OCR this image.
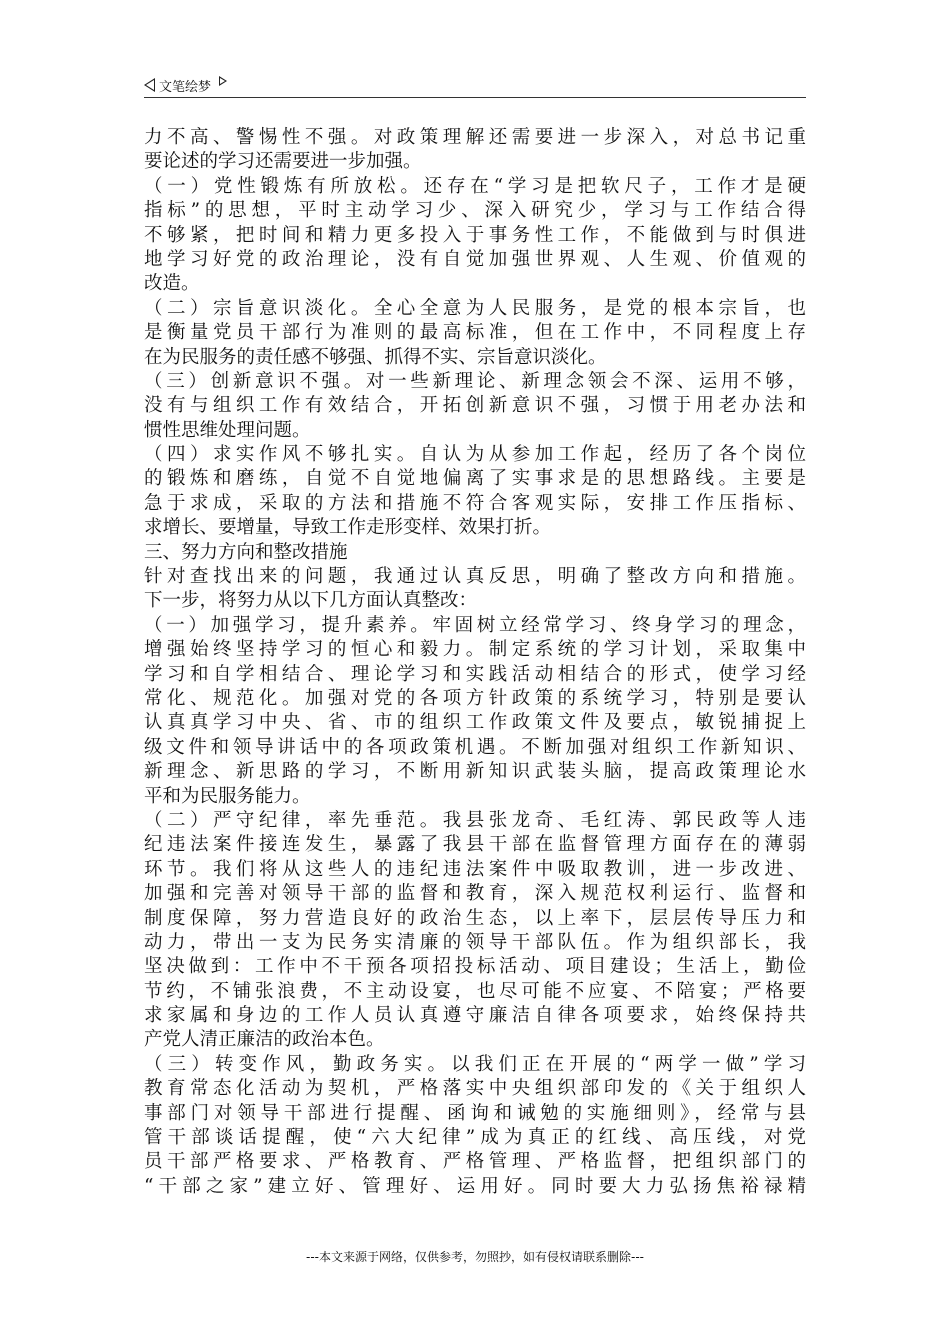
文笔绘梦
力不高、警惕性不强。对政策理解还需要进一步深入，对总书记重
要论述的学习还需要进一步加强。
（一）党性锻炼有所放松。还存在“学习是把软尺子，工作才是硬
指标”的思想，平时主动学习少、深入研究少，学习与工作结合得
不够紧，把时间和精力更多投入于事务性工作，不能做到与时俱进
地学习好党的政治理论，没有自觉加强世界观、人生观、价值观的
改造。
（二）宗旨意识淡化。全心全意为人民服务，是党的根本宗旨，也
是衡量党员干部行为准则的最高标准，但在工作中，不同程度上存
在为民服务的责任感不够强、抓得不实、宗旨意识淡化。
（三）创新意识不强。对一些新理论、新理念领会不深、运用不够，
没有与组织工作有效结合，开拓创新意识不强，习惯于用老办法和
惯性思维处理问题。
（四）求实作风不够扎实。自认为从参加工作起，经历了各个岗位
的锻炼和磨练，自觉不自觉地偏离了实事求是的思想路线。主要是
急于求成，采取的方法和措施不符合客观实际，安排工作压指标、
求增长、要增量，导致工作走形变样、效果打折。
三、努力方向和整改措施
针对查找出来的问题，我通过认真反思，明确了整改方向和措施。
下一步，将努力从以下几方面认真整改：
（一）加强学习，提升素养。牢固树立经常学习、终身学习的理念，
增强始终坚持学习的恒心和毅力。制定系统的学习计划，采取集中
学习和自学相结合、理论学习和实践活动相结合的形式，使学习经
常化、规范化。加强对党的各项方针政策的系统学习，特别是要认
认真真学习中央、省、市的组织工作政策文件及要点，敏锐捕捉上
级文件和领导讲话中的各项政策机遇。不断加强对组织工作新知识、
新理念、新思路的学习，不断用新知识武装头脑，提高政策理论水
平和为民服务能力。
（二）严守纪律，率先垂范。我县张龙奇、毛红涛、郭民政等人违
纪违法案件接连发生，暴露了我县干部在监督管理方面存在的薄弱
环节。我们将从这些人的违纪违法案件中吸取教训，进一步改进、
加强和完善对领导干部的监督和教育，深入规范权利运行、监督和
制度保障，努力营造良好的政治生态，以上率下，层层传导压力和
动力，带出一支为民务实清廉的领导干部队伍。作为组织部长，我
坚决做到：工作中不干预各项招投标活动、项目建设；生活上，勤俭
节约，不铺张浪费，不主动设宴，也尽可能不应宴、不陪宴；严格要
求家属和身边的工作人员认真遵守廉洁自律各项要求，始终保持共
产党人清正廉洁的政治本色。
（三）转变作风，勤政务实。以我们正在开展的“两学一做”学习
教育常态化活动为契机，严格落实中央组织部印发的《关于组织人
事部门对领导干部进行提醒、函询和诫勉的实施细则》，经常与县
管干部谈话提醒，使“六大纪律”成为真正的红线、高压线，对党
员干部严格要求、严格教育、严格管理、严格监督，把组织部门的
“干部之家”建立好、管理好、运用好。同时要大力弘扬焦裕禄精
---本文来源于网络，仅供参考，勿照抄，如有侵权请联系删除---
